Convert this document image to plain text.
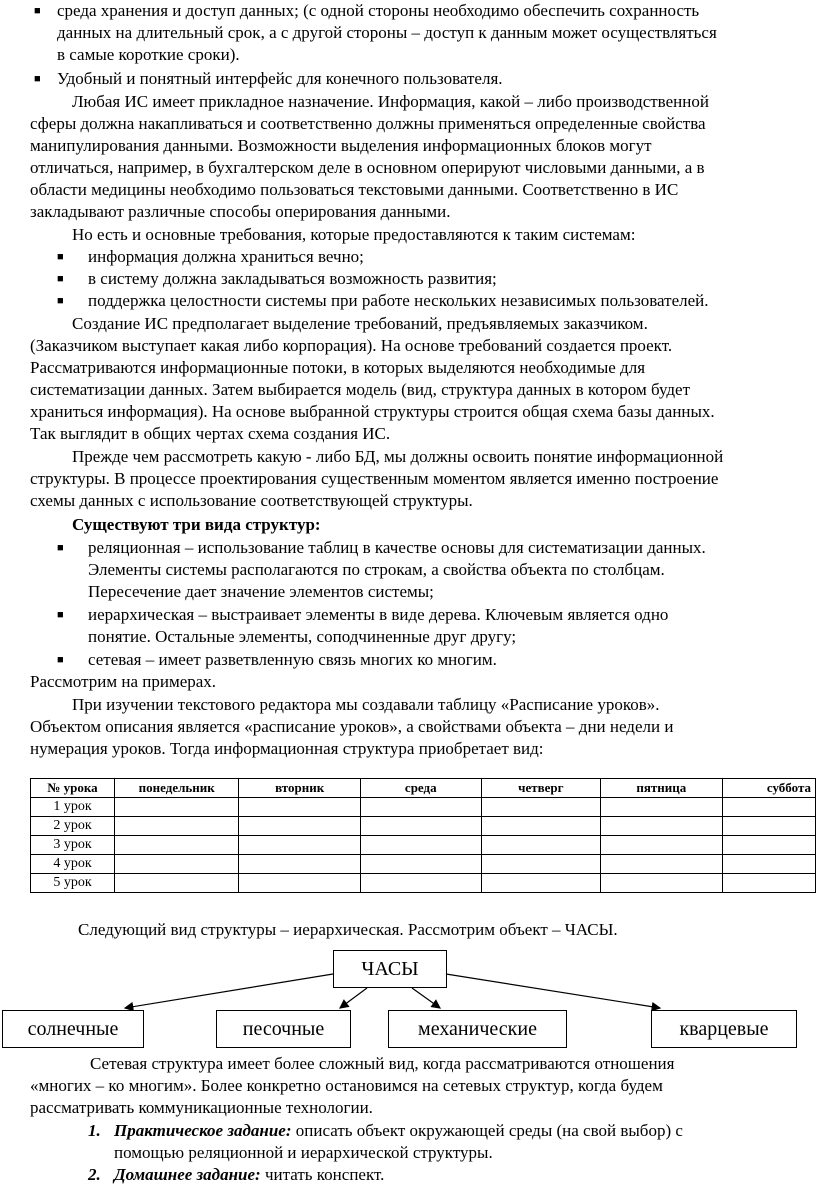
■ среда хранения и доступ данных; (с одной стороны необходимо обеспечить сохранность
данных на длительный срок, а с другой стороны – доступ к данным может осуществляться
в самые короткие сроки).
■ Удобный и понятный интерфейс для конечного пользователя.
Любая ИС имеет прикладное назначение. Информация, какой – либо производственной
сферы должна накапливаться и соответственно должны применяться определенные свойства
манипулирования данными. Возможности выделения информационных блоков могут
отличаться, например, в бухгалтерском деле в основном оперируют числовыми данными, а в
области медицины необходимо пользоваться текстовыми данными. Соответственно в ИС
закладывают различные способы оперирования данными.
Но есть и основные требования, которые предоставляются к таким системам:
■ информация должна храниться вечно;
■ в систему должна закладываться возможность развития;
■ поддержка целостности системы при работе нескольких независимых пользователей.
Создание ИС предполагает выделение требований, предъявляемых заказчиком.
(Заказчиком выступает какая либо корпорация). На основе требований создается проект.
Рассматриваются информационные потоки, в которых выделяются необходимые для
систематизации данных. Затем выбирается модель (вид, структура данных в котором будет
храниться информация). На основе выбранной структуры строится общая схема базы данных.
Так выглядит в общих чертах схема создания ИС.
Прежде чем рассмотреть какую - либо БД, мы должны освоить понятие информационной
структуры. В процессе проектирования существенным моментом является именно построение
схемы данных с использование соответствующей структуры.
Существуют три вида структур:
■ реляционная – использование таблиц в качестве основы для систематизации данных.
Элементы системы располагаются по строкам, а свойства объекта по столбцам.
Пересечение дает значение элементов системы;
■ иерархическая – выстраивает элементы в виде дерева. Ключевым является одно
понятие. Остальные элементы, соподчиненные друг другу;
■ сетевая – имеет разветвленную связь многих ко многим.
Рассмотрим на примерах.
При изучении текстового редактора мы создавали таблицу «Расписание уроков».
Объектом описания является «расписание уроков», а свойствами объекта – дни недели и
нумерация уроков. Тогда информационная структура приобретает вид:
№ урока	понедельник	вторник	среда	четверг	пятница	суббота
1 урок						
2 урок						
3 урок						
4 урок						
5 урок						
Следующий вид структуры – иерархическая. Рассмотрим объект – ЧАСЫ.
ЧАСЫ
солнечные	песочные	механические	кварцевые
Сетевая структура имеет более сложный вид, когда рассматриваются отношения
«многих – ко многим». Более конкретно остановимся на сетевых структур, когда будем
рассматривать коммуникационные технологии.
1. Практическое задание: описать объект окружающей среды (на свой выбор) с
помощью реляционной и иерархической структуры.
2. Домашнее задание: читать конспект.
